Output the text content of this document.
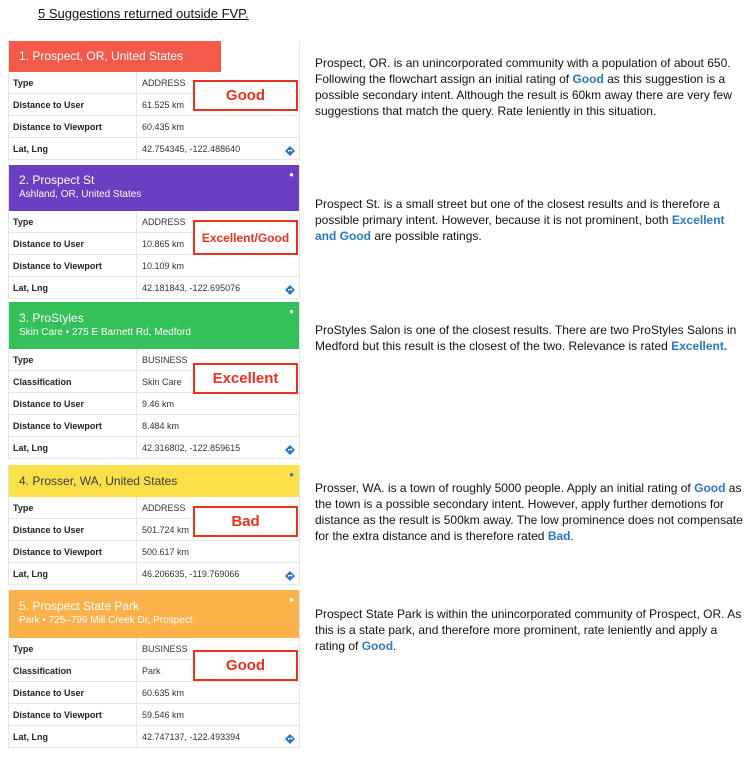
5 Suggestions returned outside FVP.
1. Prospect, OR, United States
Type	ADDRESS
Distance to User	61.525 km
Distance to Viewport	60.435 km
Lat, Lng	42.754345, -122.488640
2. Prospect St
Ashland, OR, United States
●
Type	ADDRESS
Distance to User	10.865 km
Distance to Viewport	10.109 km
Lat, Lng	42.181843, -122.695076
3. ProStyles
Skin Care • 275 E Barnett Rd, Medford
●
Type	BUSINESS
Classification	Skin Care
Distance to User	9.46 km
Distance to Viewport	8.484 km
Lat, Lng	42.316802, -122.859615
4. Prosser, WA, United States	●
Type	ADDRESS
Distance to User	501.724 km
Distance to Viewport	500.617 km
Lat, Lng	46.206635, -119.769066
5. Prospect State Park
Park • 725–799 Mill Creek Dr, Prospect
●
Type	BUSINESS
Classification	Park
Distance to User	60.635 km
Distance to Viewport	59.546 km
Lat, Lng	42.747137, -122.493394
Good
Excellent/Good
Excellent
Bad
Good
Prospect, OR. is an unincorporated community with a population of about 650. Following the flowchart assign an initial rating of Good as this suggestion is a possible secondary intent. Although the result is 60km away there are very few suggestions that match the query. Rate leniently in this situation.
Prospect St. is a small street but one of the closest results and is therefore a possible primary intent. However, because it is not prominent, both Excellent and Good are possible ratings.
ProStyles Salon is one of the closest results. There are two ProStyles Salons in Medford but this result is the closest of the two. Relevance is rated Excellent.
Prosser, WA. is a town of roughly 5000 people. Apply an initial rating of Good as the town is a possible secondary intent. However, apply further demotions for distance as the result is 500km away. The low prominence does not compensate for the extra distance and is therefore rated Bad.
Prospect State Park is within the unincorporated community of Prospect, OR. As this is a state park, and therefore more prominent, rate leniently and apply a rating of Good.
